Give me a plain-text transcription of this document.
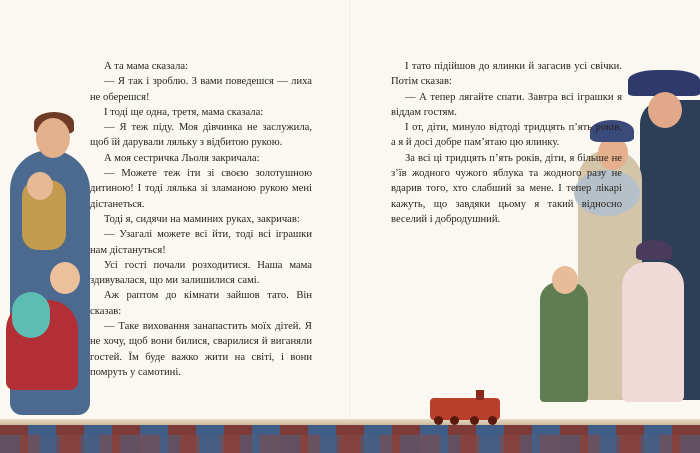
А та мама сказала:

— Я так і зроблю. З вами поведешся — лиха не оберешся!

І тоді ще одна, третя, мама сказала:

— Я теж піду. Моя дівчинка не заслужила, щоб їй дарували ляльку з відбитою рукою.

А моя сестричка Льоля закричала:

— Можете теж іти зі своєю золотушною дитиною! І тоді лялька зі зламаною рукою мені дістанеться.

Тоді я, сидячи на маминих руках, закричав:

— Узагалі можете всі йти, тоді всі іграшки нам дістануться!

Усі гості почали розходитися. Наша мама здивувалася, що ми залишилися самі.

Аж раптом до кімнати зайшов тато. Він сказав:

— Таке виховання занапастить моїх дітей. Я не хочу, щоб вони билися, сварилися й виганяли гостей. Їм буде важко жити на світі, і вони помруть у самотині.

І тато підійшов до ялинки й загасив усі свічки. Потім сказав:

— А тепер лягайте спати. Завтра всі іграшки я віддам гостям.

І от, діти, минуло відтоді тридцять п’ять років, а я й досі добре пам’ятаю цю ялинку.

За всі ці тридцять п’ять років, діти, я більше не з’їв жодного чужого яблука та жодного разу не вдарив того, хто слабший за мене. І тепер лікарі кажуть, що завдяки цьому я такий відносно веселий і добродушний.
